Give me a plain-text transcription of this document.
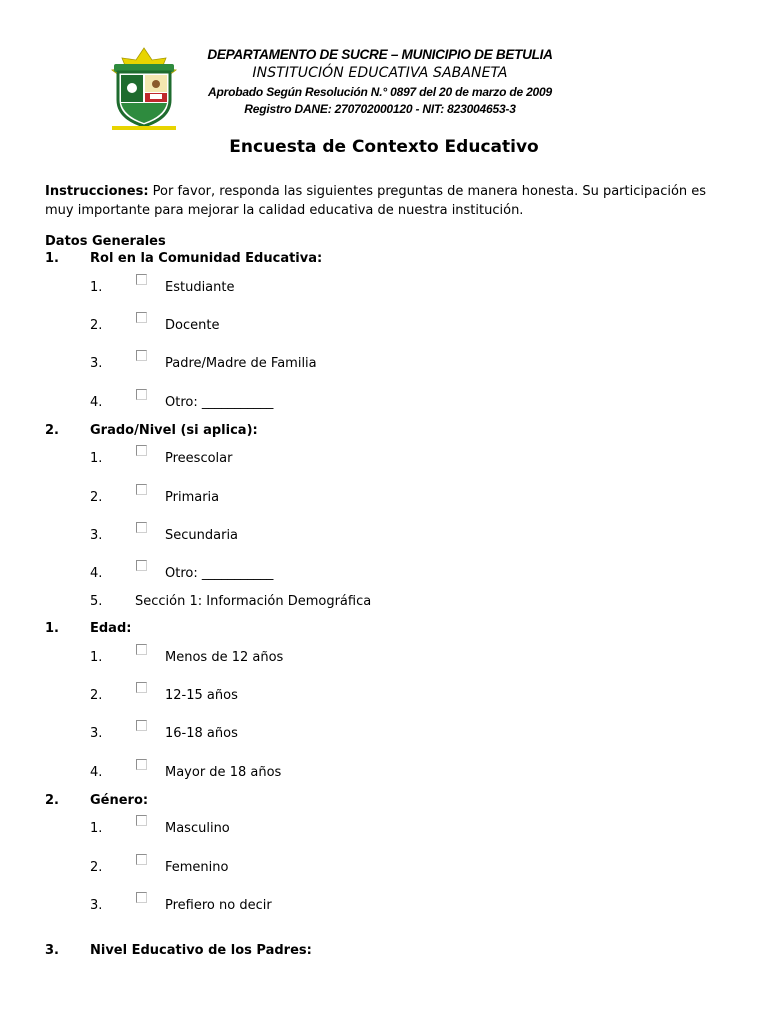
DEPARTAMENTO DE SUCRE – MUNICIPIO DE BETULIA
INSTITUCIÓN EDUCATIVA SABANETA
Aprobado Según Resolución N.° 0897 del 20 de marzo de 2009
Registro DANE: 270702000120 - NIT: 823004653-3
Encuesta de Contexto Educativo
Instrucciones: Por favor, responda las siguientes preguntas de manera honesta. Su participación es muy importante para mejorar la calidad educativa de nuestra institución.
Datos Generales
1. Rol en la Comunidad Educativa:
1.	Estudiante
2.	Docente
3.	Padre/Madre de Familia
4.	Otro: ___________
2. Grado/Nivel (si aplica):
1.	Preescolar
2.	Primaria
3.	Secundaria
4.	Otro: ___________
5.	Sección 1: Información Demográfica
1. Edad:
1.	Menos de 12 años
2.	12-15 años
3.	16-18 años
4.	Mayor de 18 años
2. Género:
1.	Masculino
2.	Femenino
3.	Prefiero no decir
3. Nivel Educativo de los Padres:
